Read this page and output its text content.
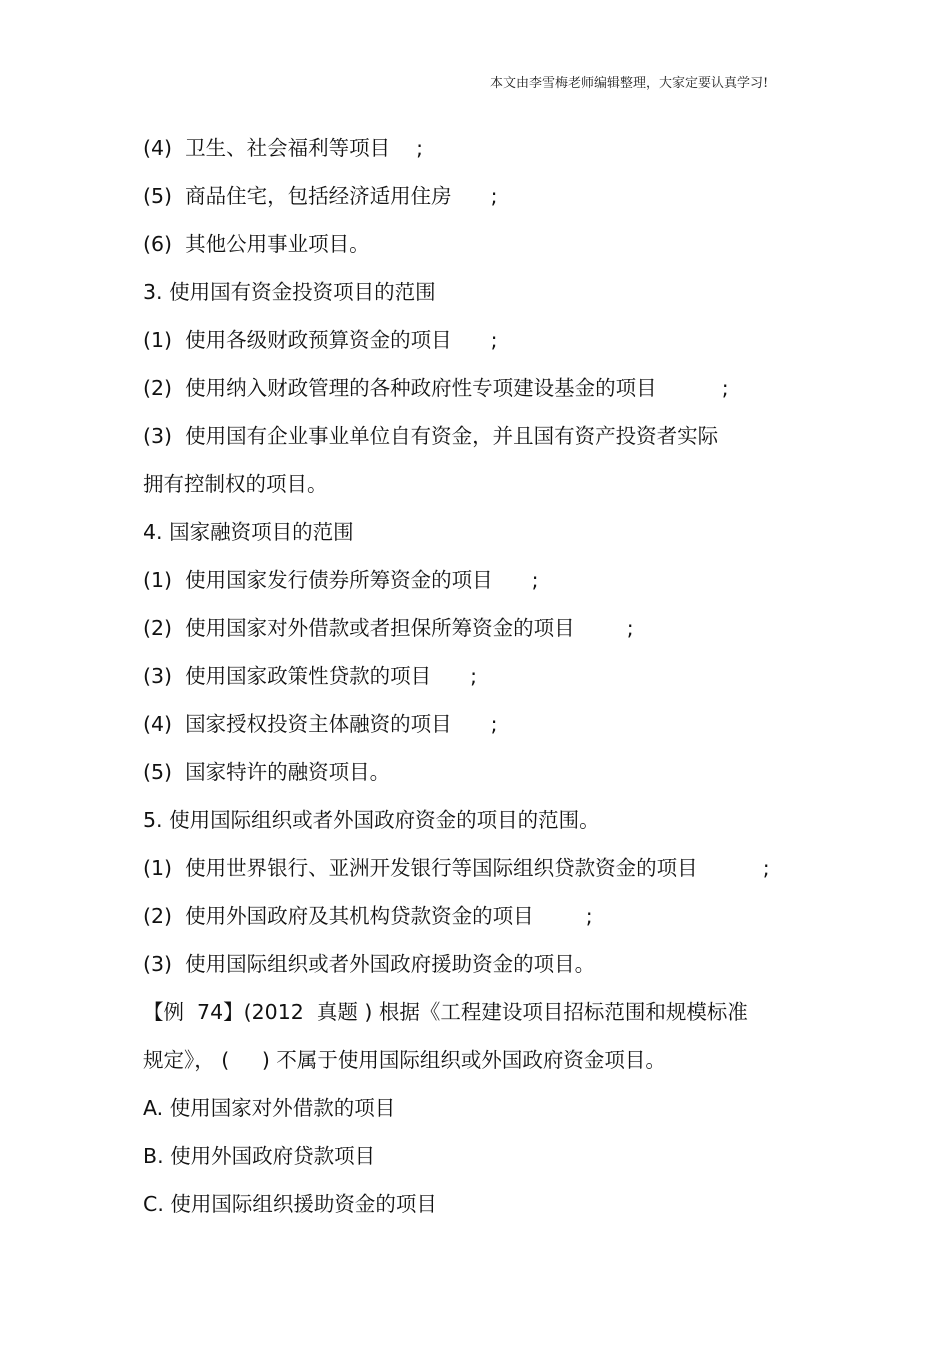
本文由李雪梅老师编辑整理，大家定要认真学习!
(4)  卫生、社会福利等项目    ;
(5)  商品住宅，包括经济适用住房      ;
(6)  其他公用事业项目。
3. 使用国有资金投资项目的范围
(1)  使用各级财政预算资金的项目      ;
(2)  使用纳入财政管理的各种政府性专项建设基金的项目          ;
(3)  使用国有企业事业单位自有资金，并且国有资产投资者实际
拥有控制权的项目。
4. 国家融资项目的范围
(1)  使用国家发行债券所筹资金的项目      ;
(2)  使用国家对外借款或者担保所筹资金的项目        ;
(3)  使用国家政策性贷款的项目      ;
(4)  国家授权投资主体融资的项目      ;
(5)  国家特许的融资项目。
5. 使用国际组织或者外国政府资金的项目的范围。
(1)  使用世界银行、亚洲开发银行等国际组织贷款资金的项目          ;
(2)  使用外国政府及其机构贷款资金的项目        ;
(3)  使用国际组织或者外国政府援助资金的项目。
【例  74】(2012  真题 ) 根据《工程建设项目招标范围和规模标准
规定》， (     ) 不属于使用国际组织或外国政府资金项目。
A. 使用国家对外借款的项目
B. 使用外国政府贷款项目
C. 使用国际组织援助资金的项目
